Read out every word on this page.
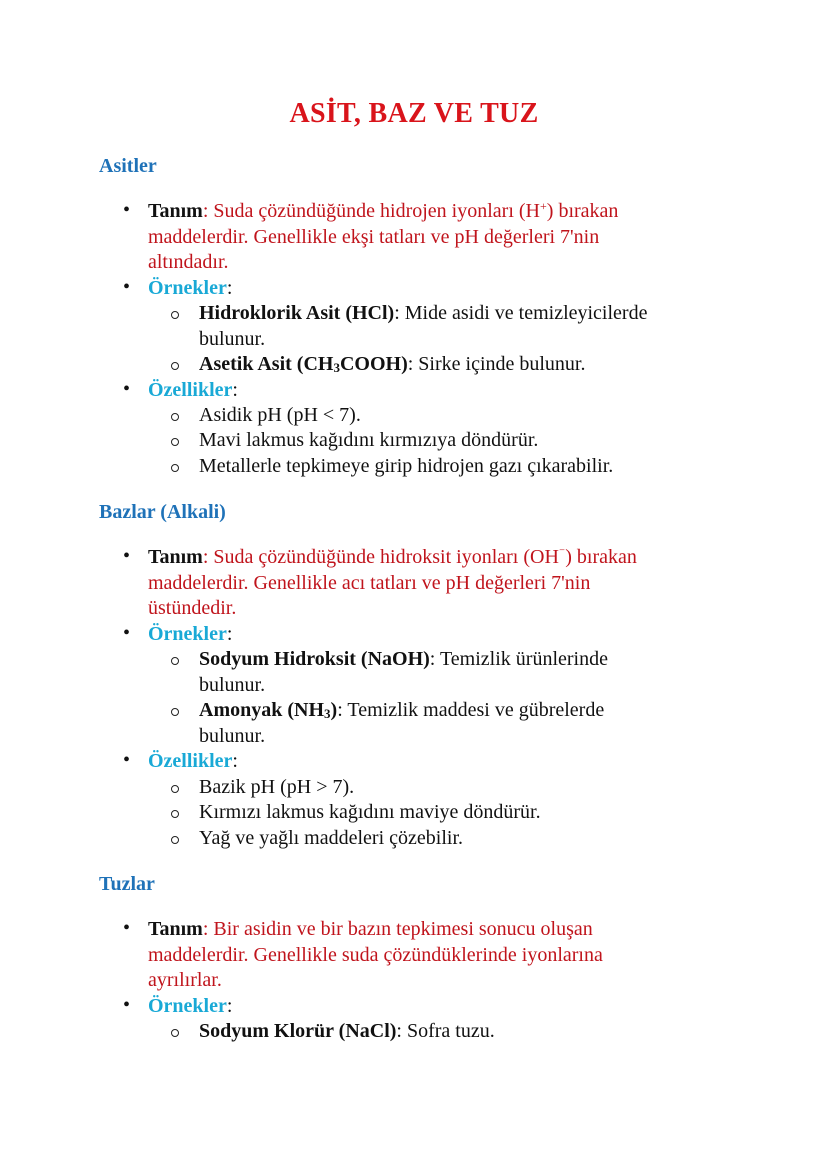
ASİT, BAZ VE TUZ
Asitler
• Tanım: Suda çözündüğünde hidrojen iyonları (H+) bırakan
maddelerdir. Genellikle ekşi tatları ve pH değerleri 7'nin
altındadır.
• Örnekler:
Hidroklorik Asit (HCl): Mide asidi ve temizleyicilerde
bulunur.
Asetik Asit $(CH_3COOH)$: Sirke içinde bulunur.
• Özellikler:
Asidik pH (pH < 7).
Mavi lakmus kağıdını kırmızıya döndürür.
Metallerle tepkimeye girip hidrojen gazı çıkarabilir.
Bazlar (Alkali)
• Tanım: Suda çözündüğünde hidroksit iyonları (OH⁻) bırakan
maddelerdir. Genellikle acı tatları ve pH değerleri 7'nin
üstündedir.
• Örnekler:
Sodyum Hidroksit (NaOH): Temizlik ürünlerinde
bulunur.
Amonyak $(NH_3)$: Temizlik maddesi ve gübrelerde
bulunur.
• Özellikler:
Bazik pH (pH > 7).
Kırmızı lakmus kağıdını maviye döndürür.
Yağ ve yağlı maddeleri çözebilir.
Tuzlar
• Tanım: Bir asidin ve bir bazın tepkimesi sonucu oluşan
maddelerdir. Genellikle suda çözündüklerinde iyonlarına
ayrılırlar.
• Örnekler:
Sodyum Klorür (NaCl): Sofra tuzu.
